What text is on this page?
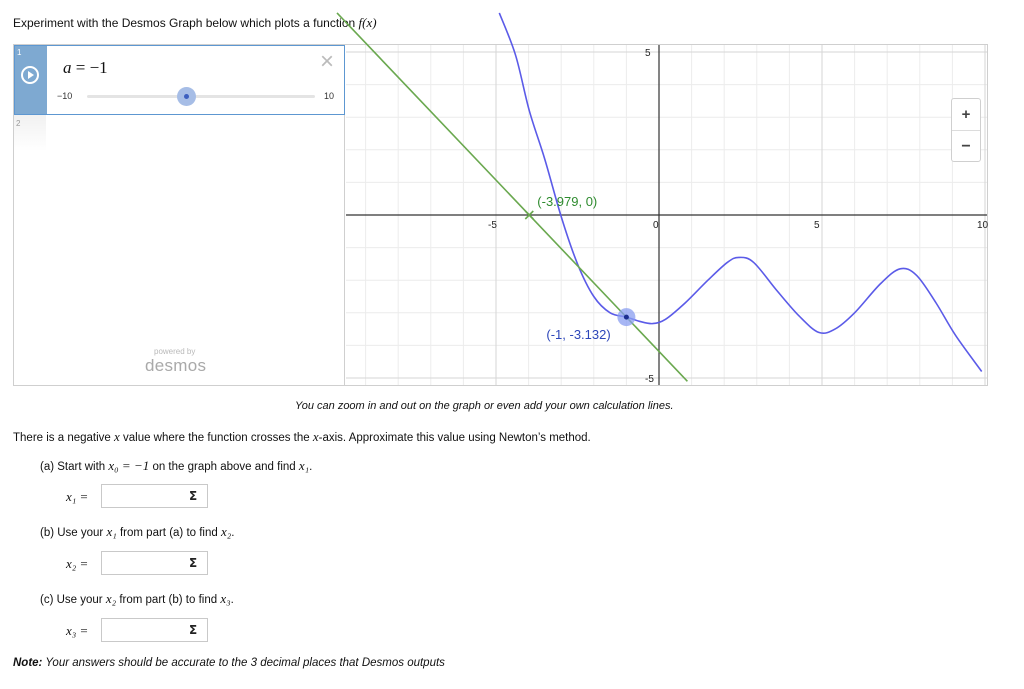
Experiment with the Desmos Graph below which plots a function f(x)
1
a = −1	×
−10	10
2
powered by
desmos
-5	0	5	10
5
-5
(-3.979, 0)
(-1, -3.132)
+
−
You can zoom in and out on the graph or even add your own calculation lines.
There is a negative x value where the function crosses the x-axis. Approximate this value using Newton’s method.
(a) Start with x₀ = −1 on the graph above and find x₁.
x₁ =	Σ
(b) Use your x₁ from part (a) to find x₂.
x₂ =	Σ
(c) Use your x₂ from part (b) to find x₃.
x₃ =	Σ
Note: Your answers should be accurate to the 3 decimal places that Desmos outputs
